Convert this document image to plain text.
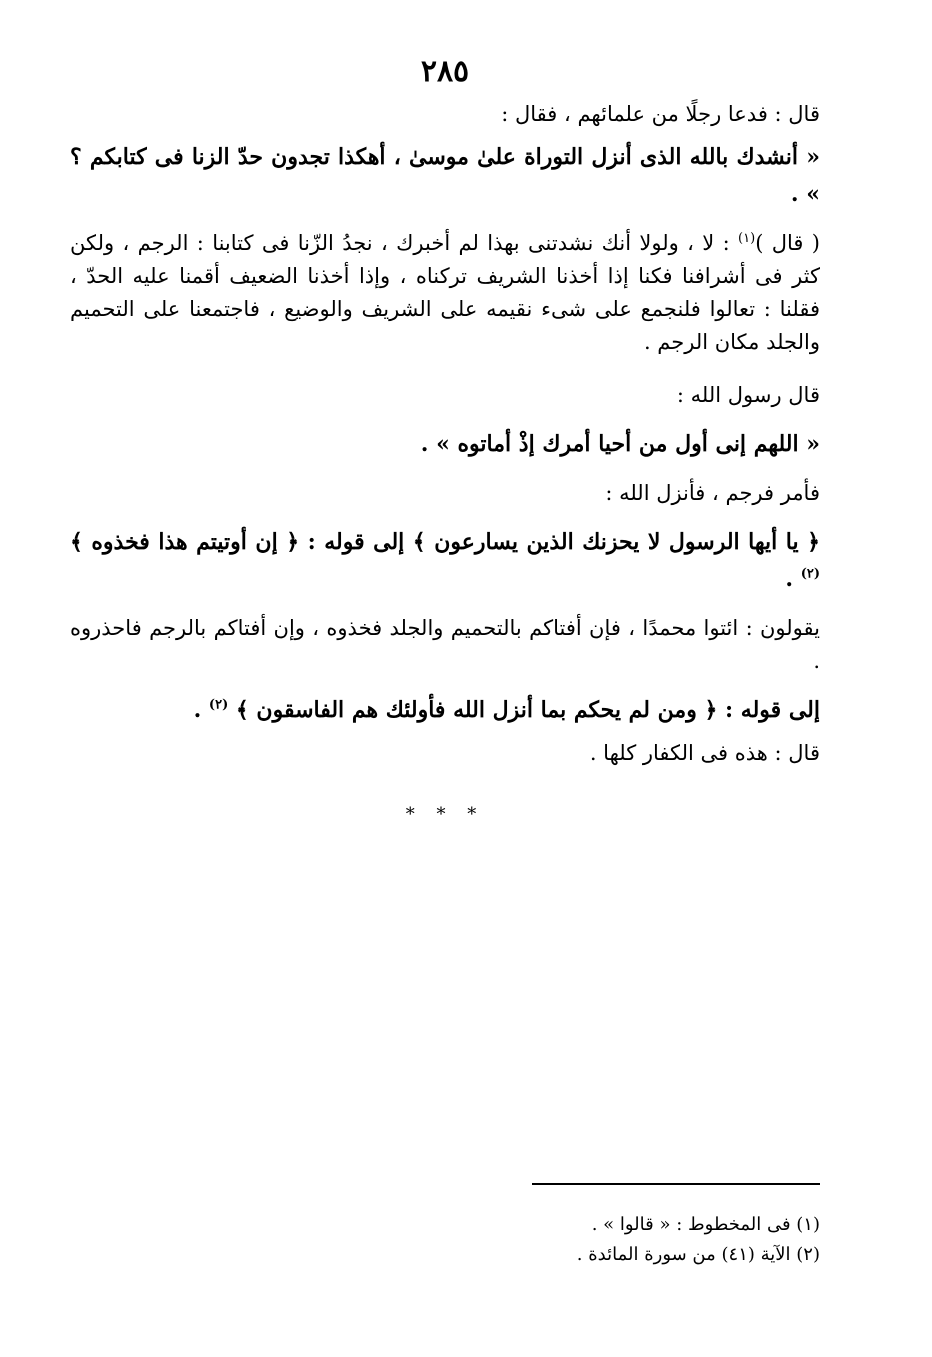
٢٨٥

قال : فدعا رجلًا من علمائهم ، فقال :

« أنشدك بالله الذى أنزل التوراة علىٰ موسىٰ ، أهكذا تجدون حدّ الزنا فى كتابكم ؟ » .

( قال )$^{(١)}$ : لا ، ولولا أنك نشدتنى بهذا لم أخبرك ، نجدُ الزّنا فى كتابنا : الرجم ، ولكن كثر فى أشرافنا فكنا إذا أخذنا الشريف تركناه ، وإذا أخذنا الضعيف أقمنا عليه الحدّ ، فقلنا : تعالوا فلنجمع على شىء نقيمه على الشريف والوضيع ، فاجتمعنا على التحميم والجلد مكان الرجم .

قال رسول الله :

« اللهم إنى أول من أحيا أمرك إذْ أماتوه » .

فأمر فرجم ، فأنزل الله :

﴿ يا أيها الرسول لا يحزنك الذين يسارعون ﴾ إلى قوله : ﴿ إن أوتيتم هذا فخذوه ﴾$^{(٢)}$ .

يقولون : ائتوا محمدًا ، فإن أفتاكم بالتحميم والجلد فخذوه ، وإن أفتاكم بالرجم فاحذروه .

إلى قوله : ﴿ ومن لم يحكم بما أنزل الله فأولئك هم الفاسقون ﴾ $^{(٢)}$ .

قال : هذه فى الكفار كلها .

* * *
(١) فى المخطوط : « قالوا » .
(٢) الآية (٤١) من سورة المائدة .
